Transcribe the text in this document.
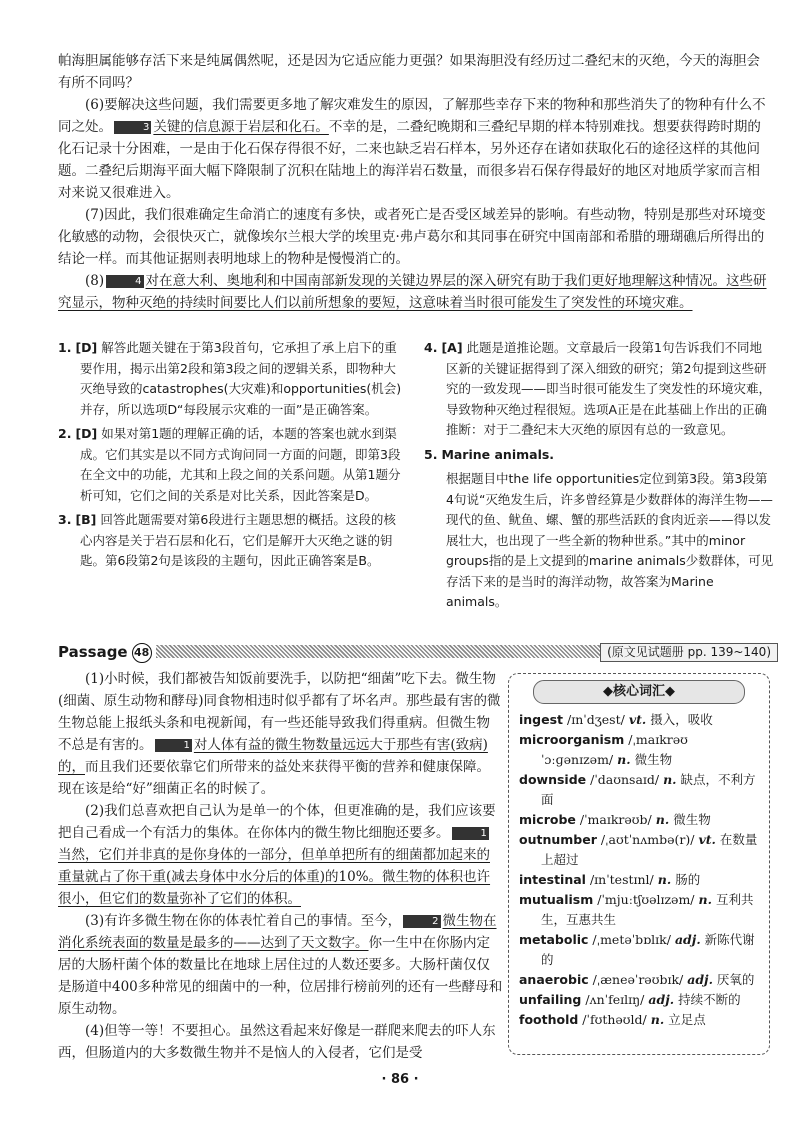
帕海胆属能够存活下来是纯属偶然呢，还是因为它适应能力更强？如果海胆没有经历过二叠纪末的灭绝，今天的海胆会有所不同吗？

(6)要解决这些问题，我们需要更多地了解灾难发生的原因，了解那些幸存下来的物种和那些消失了的物种有什么不同之处。	3 关键的信息源于岩层和化石。不幸的是，二叠纪晚期和三叠纪早期的样本特别难找。想要获得跨时期的化石记录十分困难，一是由于化石保存得很不好，二来也缺乏岩石样本，另外还存在诸如获取化石的途径这样的其他问题。二叠纪后期海平面大幅下降限制了沉积在陆地上的海洋岩石数量，而很多岩石保存得最好的地区对地质学家而言相对来说又很难进入。

(7)因此，我们很难确定生命消亡的速度有多快，或者死亡是否受区域差异的影响。有些动物，特别是那些对环境变化敏感的动物，会很快灭亡，就像埃尔兰根大学的埃里克·弗卢葛尔和其同事在研究中国南部和希腊的珊瑚礁后所得出的结论一样。而其他证据则表明地球上的物种是慢慢消亡的。

(8)	4 对在意大利、奥地利和中国南部新发现的关键边界层的深入研究有助于我们更好地理解这种情况。这些研究显示，物种灭绝的持续时间要比人们以前所想象的要短，这意味着当时很可能发生了突发性的环境灾难。

1. [D] 解答此题关键在于第3段首句，它承担了承上启下的重要作用，揭示出第2段和第3段之间的逻辑关系，即物种大灭绝导致的catastrophes(大灾难)和opportunities(机会)并存，所以选项D“每段展示灾难的一面”是正确答案。
2. [D] 如果对第1题的理解正确的话，本题的答案也就水到渠成。它们其实是以不同方式询问同一方面的问题，即第3段在全文中的功能，尤其和上段之间的关系问题。从第1题分析可知，它们之间的关系是对比关系，因此答案是D。
3. [B] 回答此题需要对第6段进行主题思想的概括。这段的核心内容是关于岩石层和化石，它们是解开大灭绝之谜的钥匙。第6段第2句是该段的主题句，因此正确答案是B。
4. [A] 此题是道推论题。文章最后一段第1句告诉我们不同地区新的关键证据得到了深入细致的研究；第2句提到这些研究的一致发现——即当时很可能发生了突发性的环境灾难，导致物种灭绝过程很短。选项A正是在此基础上作出的正确推断：对于二叠纪末大灭绝的原因有总的一致意见。
5. Marine animals.
根据题目中the life opportunities定位到第3段。第3段第4句说“灭绝发生后，许多曾经算是少数群体的海洋生物——现代的鱼、鱿鱼、螺、蟹的那些活跃的食肉近亲——得以发展壮大，也出现了一些全新的物种世系。”其中的minor groups指的是上文提到的marine animals少数群体，可见存活下来的是当时的海洋动物，故答案为Marine animals。
Passage 48	(原文见试题册 pp. 139~140)

(1)小时候，我们都被告知饭前要洗手，以防把“细菌”吃下去。微生物(细菌、原生动物和酵母)同食物相违时似乎都有了坏名声。那些最有害的微生物总能上报纸头条和电视新闻，有一些还能导致我们得重病。但微生物不总是有害的。	1 对人体有益的微生物数量远远大于那些有害(致病)的，而且我们还要依靠它们所带来的益处来获得平衡的营养和健康保障。现在该是给“好”细菌正名的时候了。

(2)我们总喜欢把自己认为是单一的个体，但更准确的是，我们应该要把自己看成一个有活力的集体。在你体内的微生物比细胞还要多。	1当然，它们并非真的是你身体的一部分，但单单把所有的细菌都加起来的重量就占了你干重(减去身体中水分后的体重)的10%。微生物的体积也许很小，但它们的数量弥补了它们的体积。

(3)有许多微生物在你的体表忙着自己的事情。至今，	2 微生物在消化系统表面的数量是最多的——达到了天文数字。你一生中在你肠内定居的大肠杆菌个体的数量比在地球上居住过的人数还要多。大肠杆菌仅仅是肠道中400多种常见的细菌中的一种，位居排行榜前列的还有一些酵母和原生动物。

(4)但等一等！不要担心。虽然这看起来好像是一群爬来爬去的吓人东西，但肠道内的大多数微生物并不是恼人的入侵者，它们是受

◆核心词汇◆
ingest /ɪnˈdʒest/ vt. 摄入，吸收
microorganism /ˌmaɪkrəʊˈɔːɡənɪzəm/ n. 微生物
downside /ˈdaʊnsaɪd/ n. 缺点，不利方面
microbe /ˈmaɪkrəʊb/ n. 微生物
outnumber /ˌaʊtˈnʌmbə(r)/ vt. 在数量上超过
intestinal /ɪnˈtestɪnl/ n. 肠的
mutualism /ˈmjuːtʃʊəlɪzəm/ n. 互利共生，互惠共生
metabolic /ˌmetəˈbɒlɪk/ adj. 新陈代谢的
anaerobic /ˌæneəˈrəʊbɪk/ adj. 厌氧的
unfailing /ʌnˈfeɪlɪŋ/ adj. 持续不断的
foothold /ˈfʊthəʊld/ n. 立足点
· 86 ·
